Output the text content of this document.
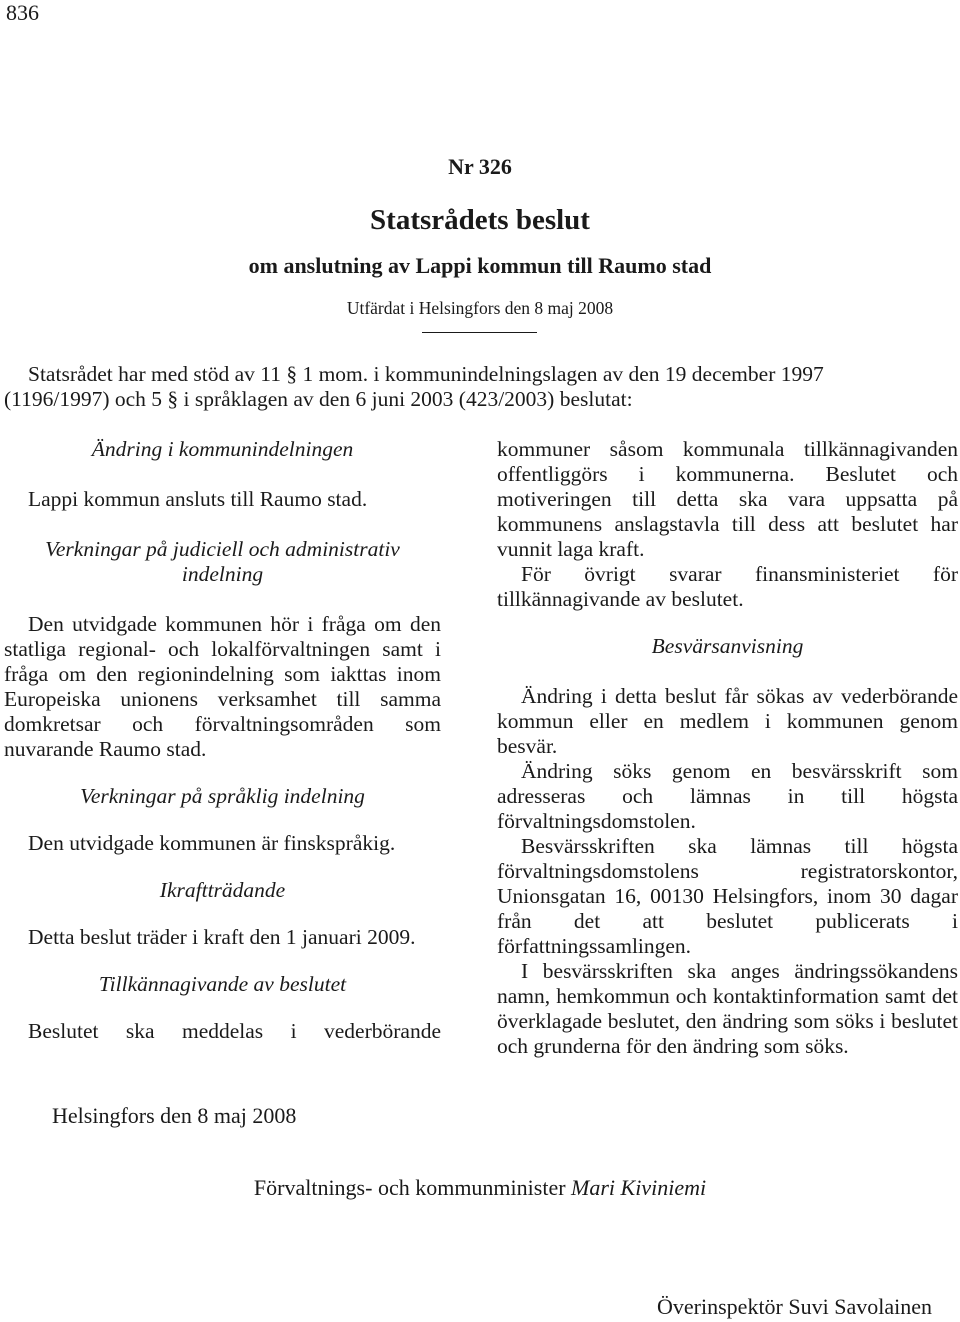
836
Nr 326
Statsrådets beslut
om anslutning av Lappi kommun till Raumo stad
Utfärdat i Helsingfors den 8 maj 2008
Statsrådet har med stöd av 11 § 1 mom. i kommunindelningslagen av den 19 december 1997
(1196/1997) och 5 § i språklagen av den 6 juni 2003 (423/2003) beslutat:

Ändring i kommunindelningen

Lappi kommun ansluts till Raumo stad.

Verkningar på judiciell och administrativ indelning

Den utvidgade kommunen hör i fråga om den statliga regional- och lokalförvaltningen samt i fråga om den regionindelning som iakttas inom Europeiska unionens verksamhet till samma domkretsar och förvaltningsområden som nuvarande Raumo stad.

Verkningar på språklig indelning

Den utvidgade kommunen är finskspråkig.

Ikraftträdande

Detta beslut träder i kraft den 1 januari 2009.

Tillkännagivande av beslutet

Beslutet ska meddelas i vederbörande

kommuner såsom kommunala tillkännagivanden offentliggörs i kommunerna. Beslutet och motiveringen till detta ska vara uppsatta på kommunens anslagstavla till dess att beslutet har vunnit laga kraft.

För övrigt svarar finansministeriet för tillkännagivande av beslutet.

Besvärsanvisning

Ändring i detta beslut får sökas av vederbörande kommun eller en medlem i kommunen genom besvär.

Ändring söks genom en besvärsskrift som adresseras och lämnas in till högsta förvaltningsdomstolen.

Besvärsskriften ska lämnas till högsta förvaltningsdomstolens registratorskontor, Unionsgatan 16, 00130 Helsingfors, inom 30 dagar från det att beslutet publicerats i författningssamlingen.

I besvärsskriften ska anges ändringssökandens namn, hemkommun och kontaktinformation samt det överklagade beslutet, den ändring som söks i beslutet och grunderna för den ändring som söks.

Helsingfors den 8 maj 2008
Förvaltnings- och kommunminister Mari Kiviniemi
Överinspektör Suvi Savolainen
